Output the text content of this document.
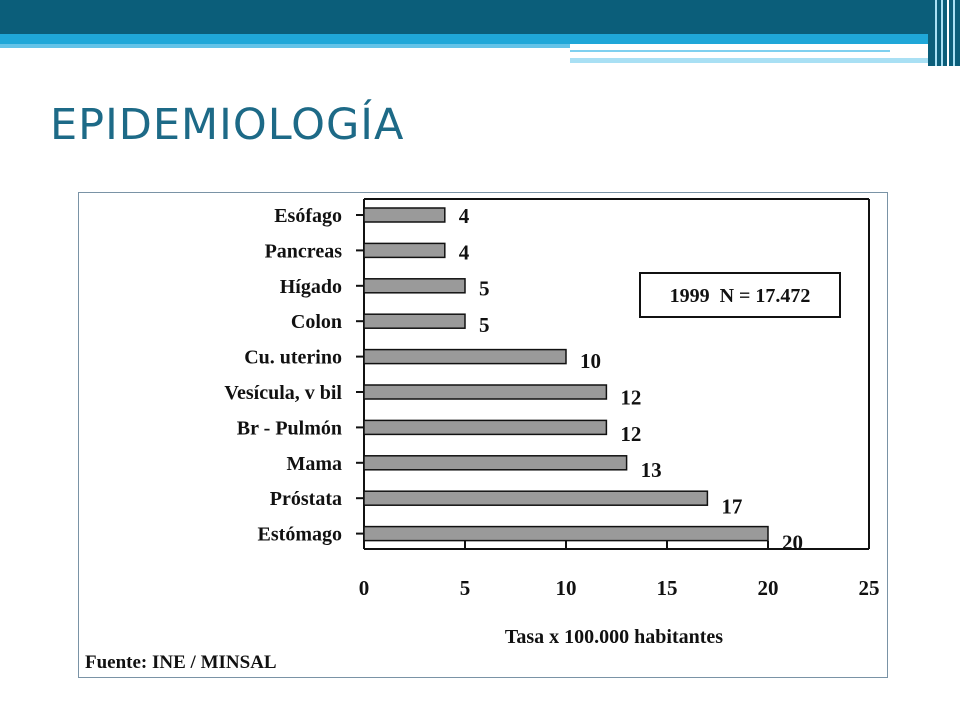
EPIDEMIOLOGÍA
0	5	10	15	20	25
Esófago
Pancreas
Hígado
Colon
Cu. uterino
Vesícula, v bil
Br - Pulmón
Mama
Próstata
Estómago
4
4
5
5
10
12
12
13
17
20
1999  N = 17.472
Tasa x 100.000 habitantes
Fuente: INE / MINSAL
